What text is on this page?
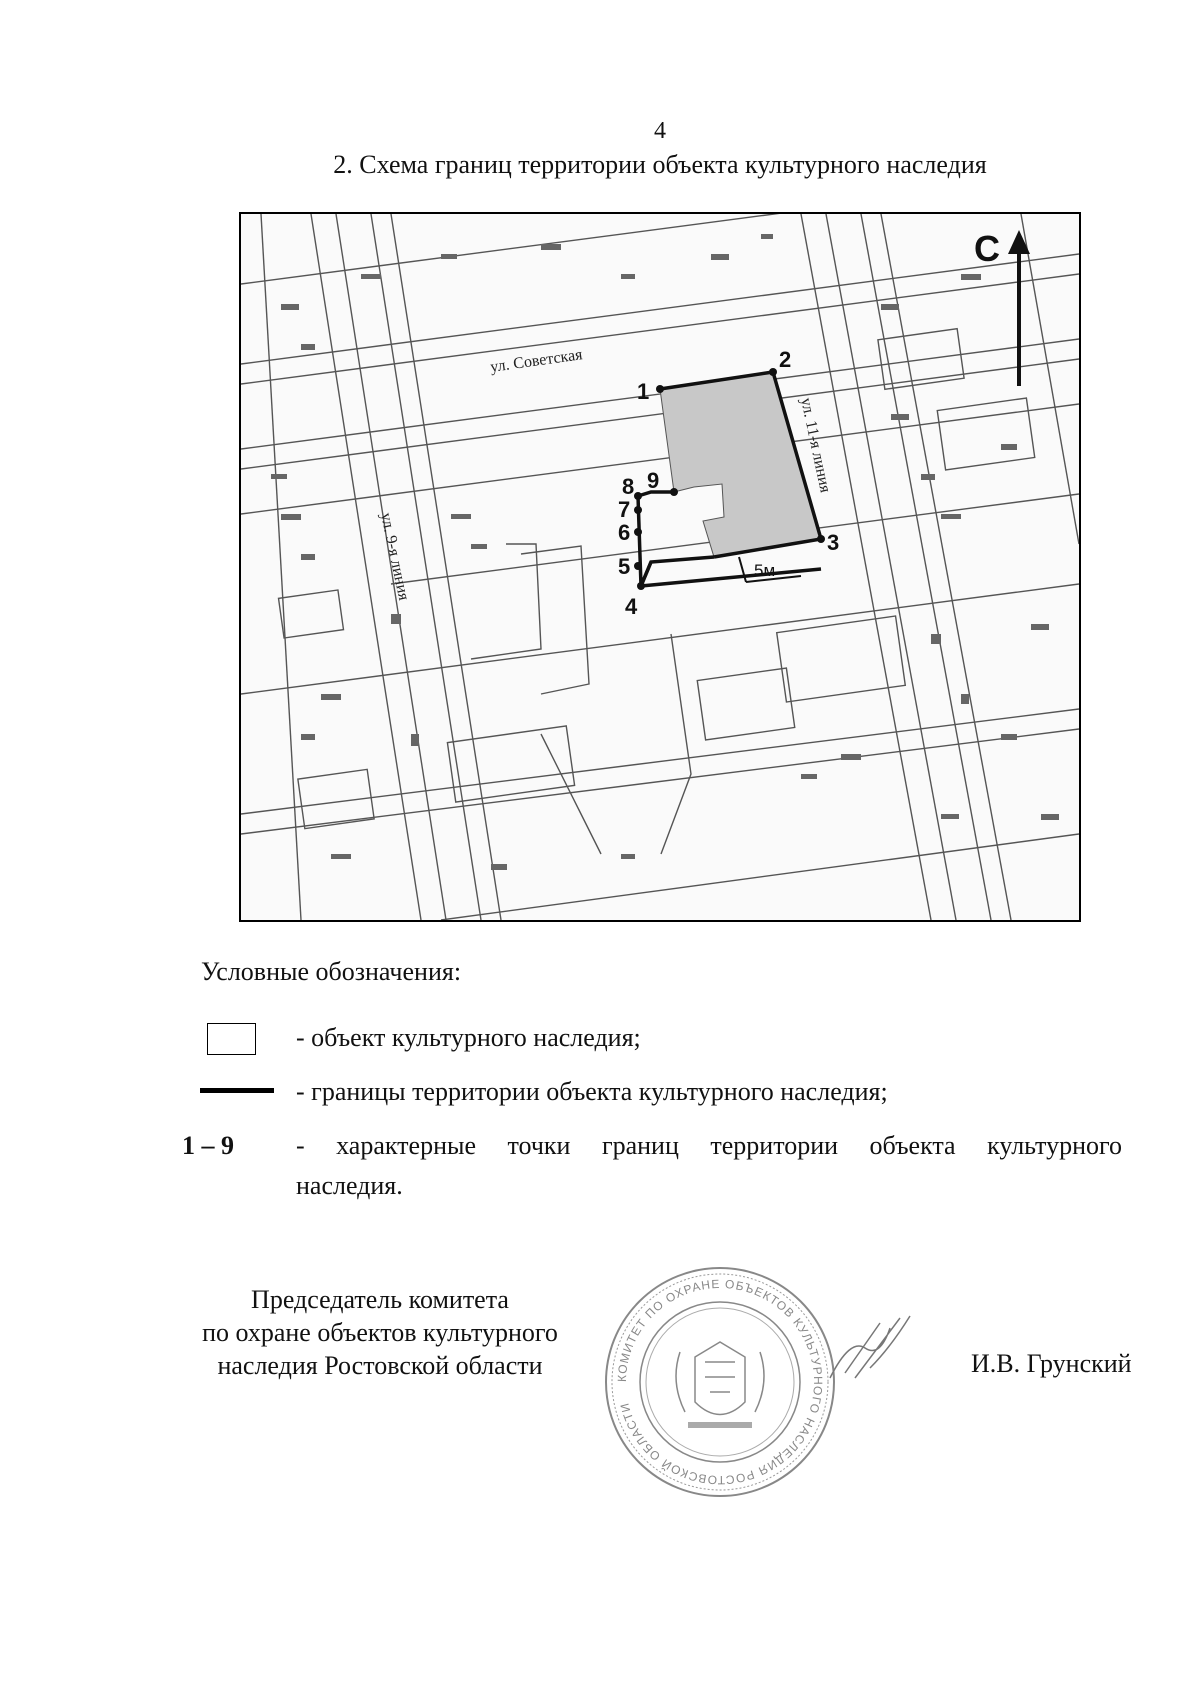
4
2. Схема границ территории объекта культурного наследия
5м
1
2
3
4
5
6
7
8 9
ул. Советская
ул. 11-я линия
ул. 9-я линия
С
Условные обозначения:
- объект культурного наследия;
- границы территории объекта культурного наследия;
1 – 9 - характерные точки границ территории объекта культурного
наследия.
Председатель комитета
по охране объектов культурного
наследия Ростовской области	КОМИТЕТ ПО ОХРАНЕ ОБЪЕКТОВ КУЛЬТУРНОГО НАСЛЕДИЯ РОСТОВСКОЙ ОБЛАСТИ
И.В. Грунский
